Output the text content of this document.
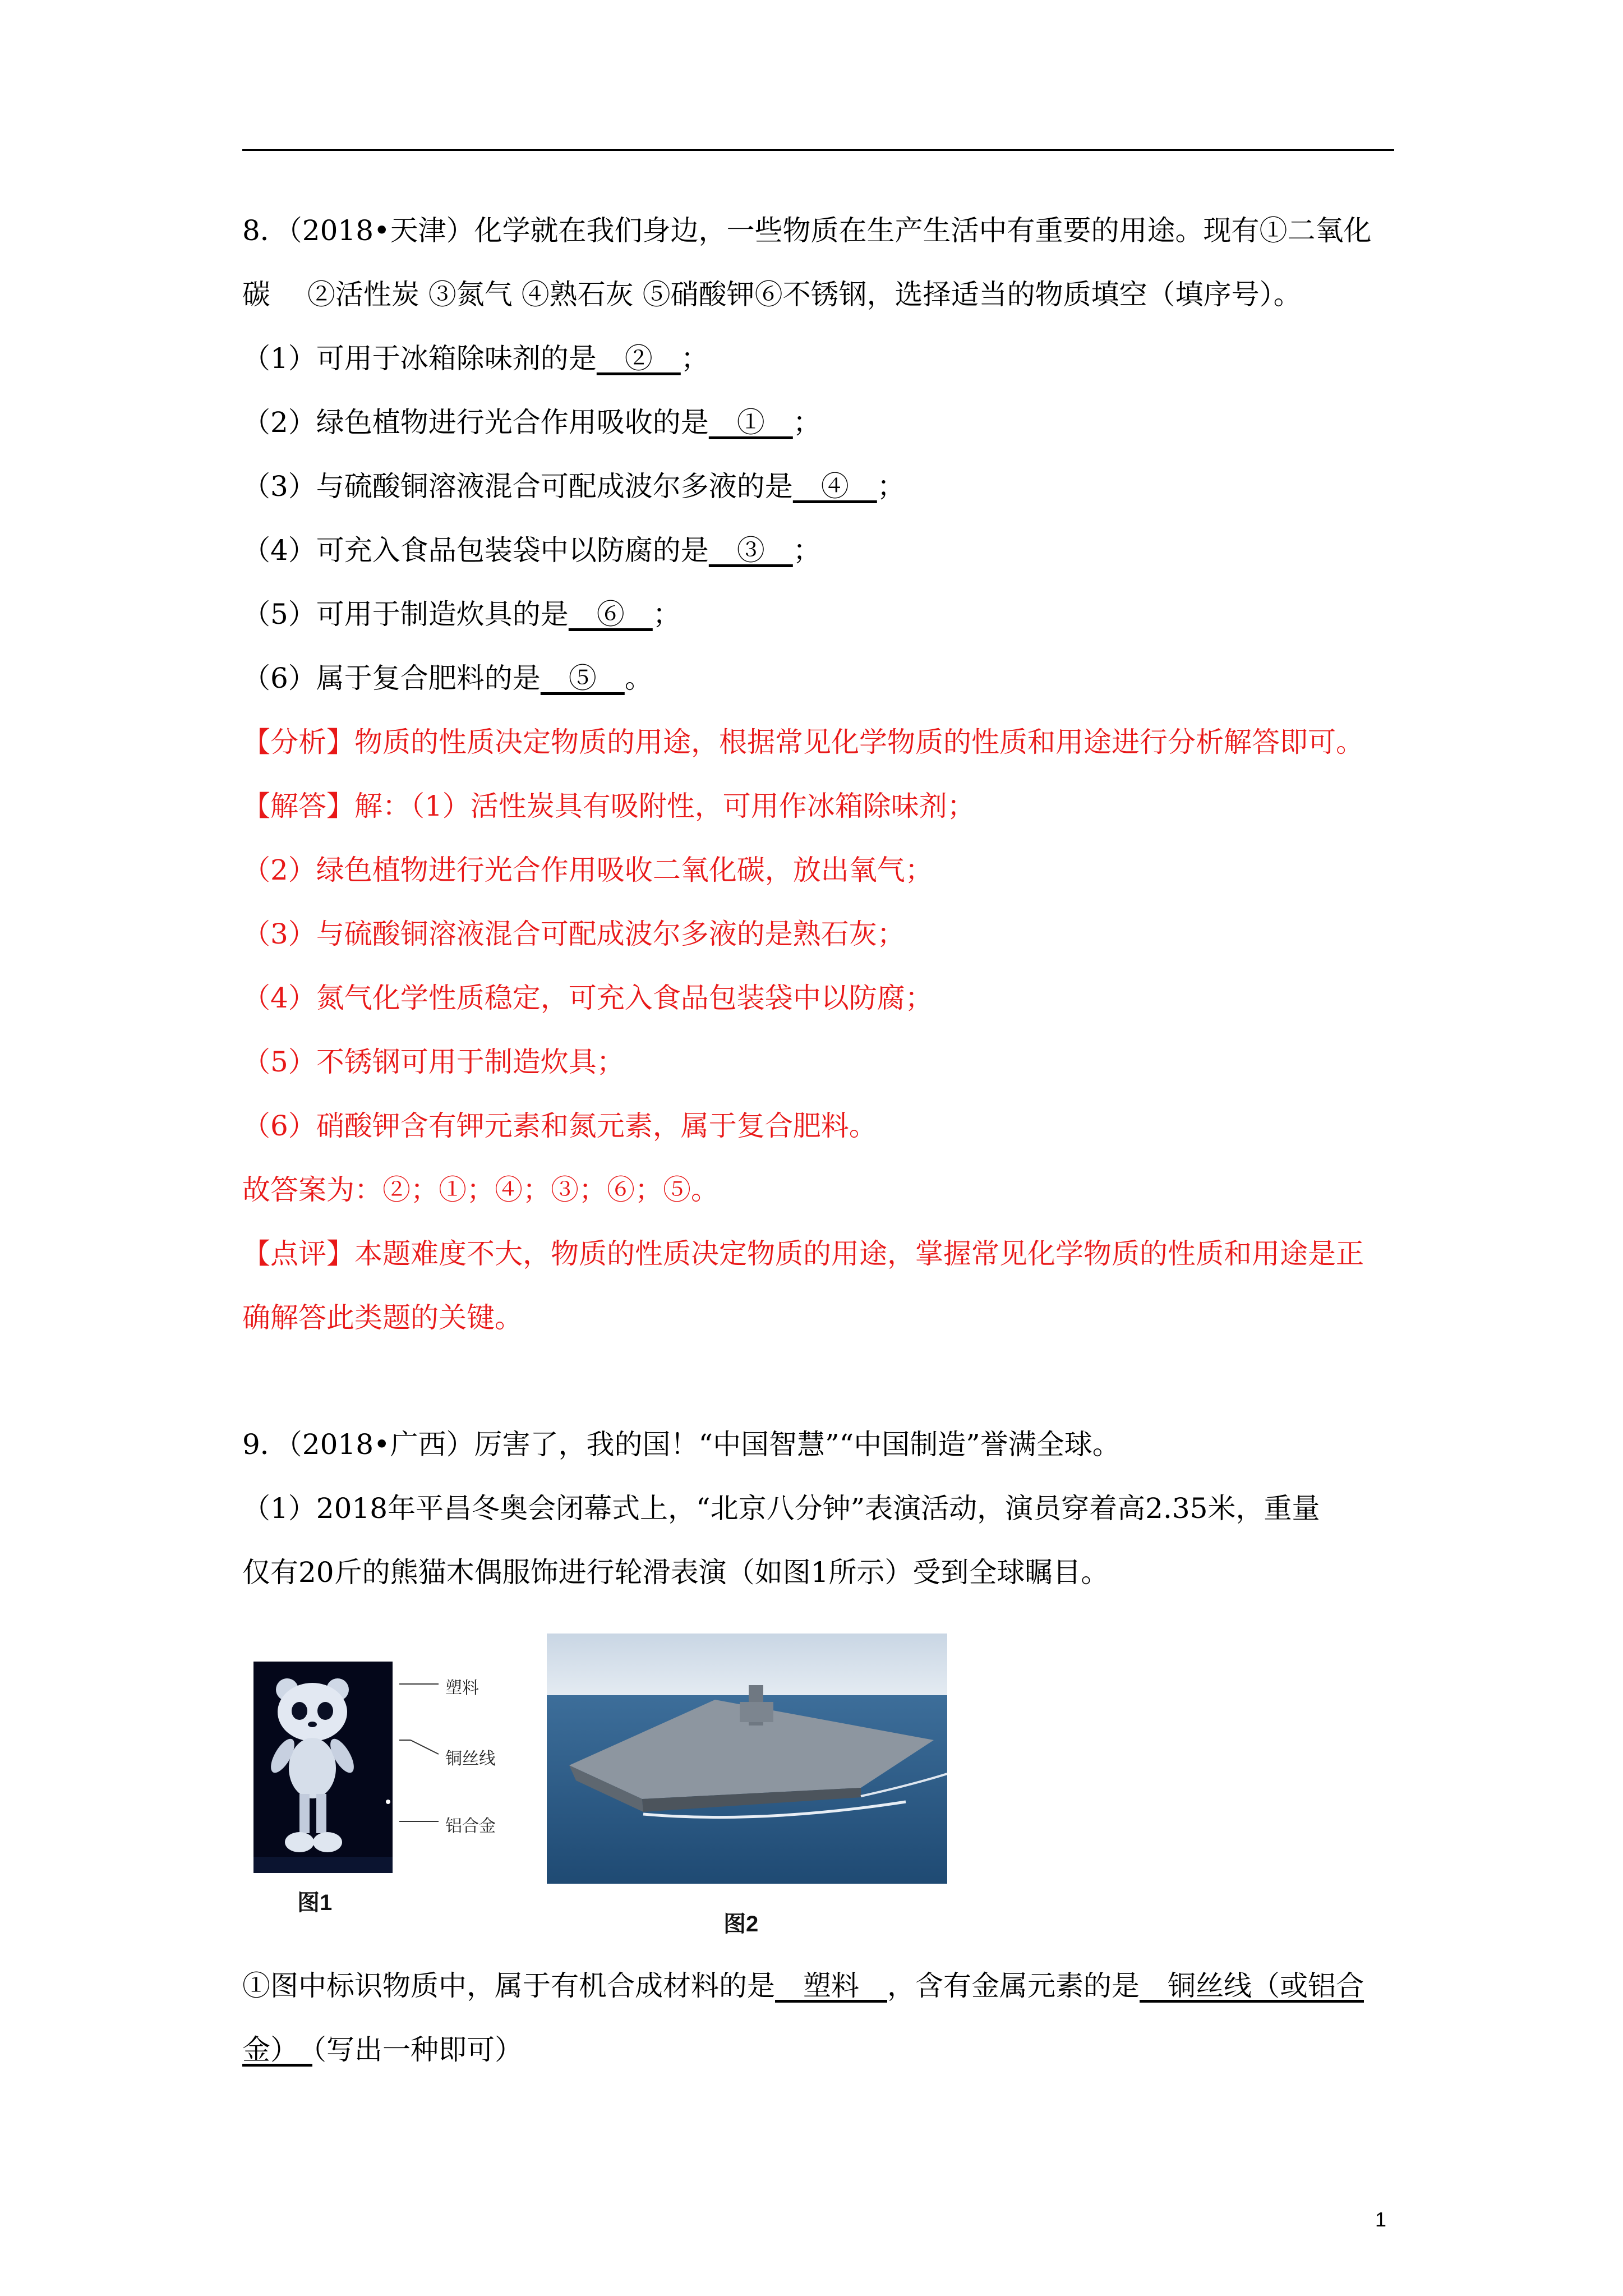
8．（2018•天津）化学就在我们身边，一些物质在生产生活中有重要的用途。现有①二氧化
碳　 ②活性炭 ③氮气 ④熟石灰 ⑤硝酸钾⑥不锈钢，选择适当的物质填空（填序号）。
（1）可用于冰箱除味剂的是　②　；
（2）绿色植物进行光合作用吸收的是　①　；
（3）与硫酸铜溶液混合可配成波尔多液的是　④　；
（4）可充入食品包装袋中以防腐的是　③　；
（5）可用于制造炊具的是　⑥　；
（6）属于复合肥料的是　⑤　。
【分析】物质的性质决定物质的用途，根据常见化学物质的性质和用途进行分析解答即可。
【解答】解：（1）活性炭具有吸附性，可用作冰箱除味剂；
（2）绿色植物进行光合作用吸收二氧化碳，放出氧气；
（3）与硫酸铜溶液混合可配成波尔多液的是熟石灰；
（4）氮气化学性质稳定，可充入食品包装袋中以防腐；
（5）不锈钢可用于制造炊具；
（6）硝酸钾含有钾元素和氮元素，属于复合肥料。
故答案为：②；①；④；③；⑥；⑤。
【点评】本题难度不大，物质的性质决定物质的用途，掌握常见化学物质的性质和用途是正
确解答此类题的关键。
9．（2018•广西）厉害了，我的国！“中国智慧”“中国制造”誉满全球。
（1）2018年平昌冬奥会闭幕式上，“北京八分钟”表演活动，演员穿着高2.35米，重量
仅有20斤的熊猫木偶服饰进行轮滑表演（如图1所示）受到全球瞩目。
塑料
铜丝线
铝合金
图1
图2
①图中标识物质中，属于有机合成材料的是　塑料　，含有金属元素的是　铜丝线（或铝合
金）　（写出一种即可）
1
